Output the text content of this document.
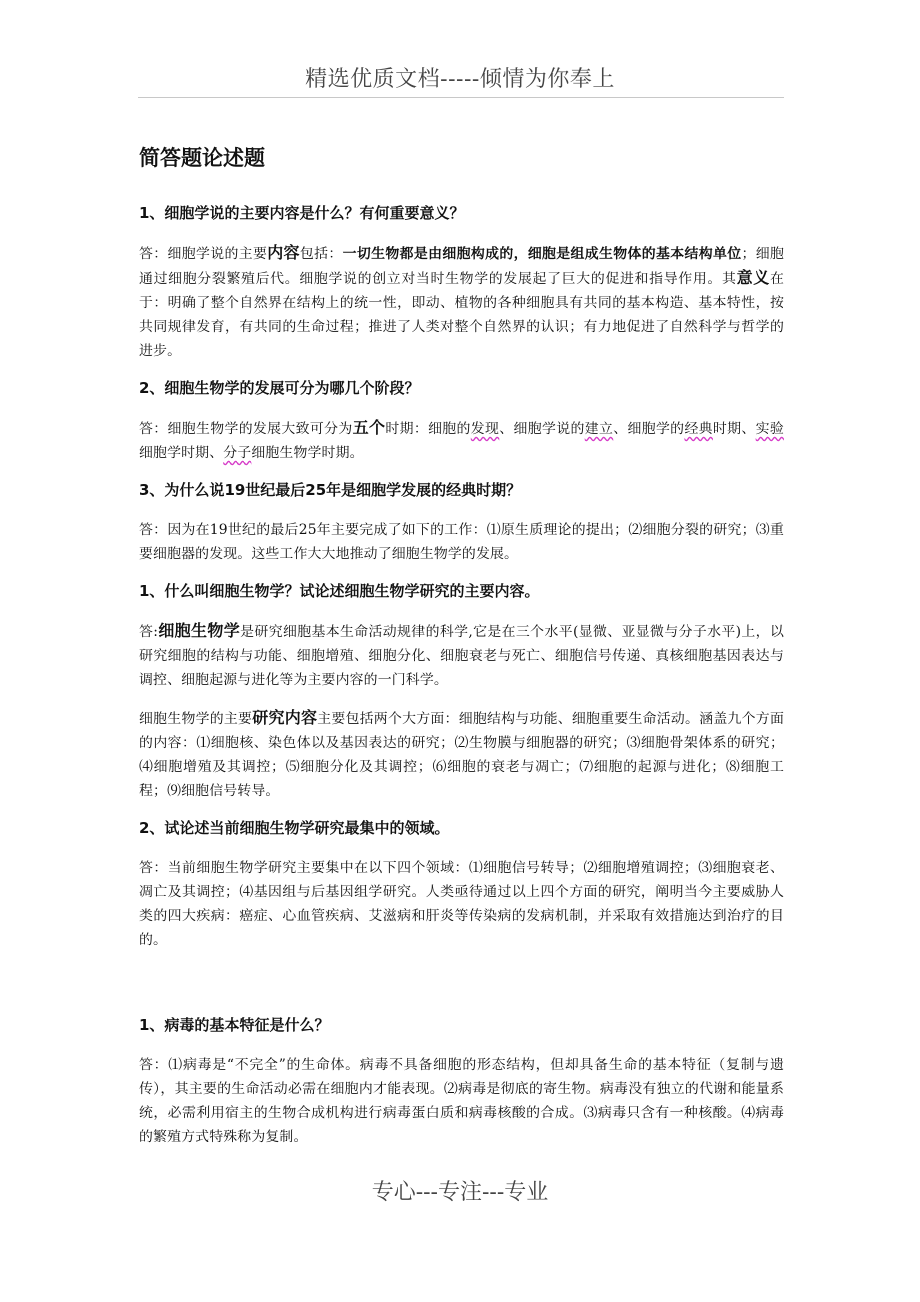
精选优质文档-----倾情为你奉上
简答题论述题
1、细胞学说的主要内容是什么？有何重要意义？

答：细胞学说的主要内容包括：一切生物都是由细胞构成的，细胞是组成生物体的基本结构单位；细胞通过细胞分裂繁殖后代。细胞学说的创立对当时生物学的发展起了巨大的促进和指导作用。其意义在于：明确了整个自然界在结构上的统一性，即动、植物的各种细胞具有共同的基本构造、基本特性，按共同规律发育，有共同的生命过程；推进了人类对整个自然界的认识；有力地促进了自然科学与哲学的进步。

2、细胞生物学的发展可分为哪几个阶段？

答：细胞生物学的发展大致可分为五个时期：细胞的发现、细胞学说的建立、细胞学的经典时期、实验细胞学时期、分子细胞生物学时期。

3、为什么说19世纪最后25年是细胞学发展的经典时期？

答：因为在19世纪的最后25年主要完成了如下的工作：⑴原生质理论的提出；⑵细胞分裂的研究；⑶重要细胞器的发现。这些工作大大地推动了细胞生物学的发展。

1、什么叫细胞生物学？试论述细胞生物学研究的主要内容。

答:细胞生物学是研究细胞基本生命活动规律的科学,它是在三个水平(显微、亚显微与分子水平)上，以研究细胞的结构与功能、细胞增殖、细胞分化、细胞衰老与死亡、细胞信号传递、真核细胞基因表达与调控、细胞起源与进化等为主要内容的一门科学。

细胞生物学的主要研究内容主要包括两个大方面：细胞结构与功能、细胞重要生命活动。涵盖九个方面的内容：⑴细胞核、染色体以及基因表达的研究；⑵生物膜与细胞器的研究；⑶细胞骨架体系的研究；⑷细胞增殖及其调控；⑸细胞分化及其调控；⑹细胞的衰老与凋亡；⑺细胞的起源与进化；⑻细胞工程；⑼细胞信号转导。

2、试论述当前细胞生物学研究最集中的领域。

答：当前细胞生物学研究主要集中在以下四个领域：⑴细胞信号转导；⑵细胞增殖调控；⑶细胞衰老、凋亡及其调控；⑷基因组与后基因组学研究。人类亟待通过以上四个方面的研究，阐明当今主要威胁人类的四大疾病：癌症、心血管疾病、艾滋病和肝炎等传染病的发病机制，并采取有效措施达到治疗的目的。

1、病毒的基本特征是什么？

答：⑴病毒是“不完全”的生命体。病毒不具备细胞的形态结构，但却具备生命的基本特征（复制与遗传），其主要的生命活动必需在细胞内才能表现。⑵病毒是彻底的寄生物。病毒没有独立的代谢和能量系统，必需利用宿主的生物合成机构进行病毒蛋白质和病毒核酸的合成。⑶病毒只含有一种核酸。⑷病毒的繁殖方式特殊称为复制。

专心---专注---专业
